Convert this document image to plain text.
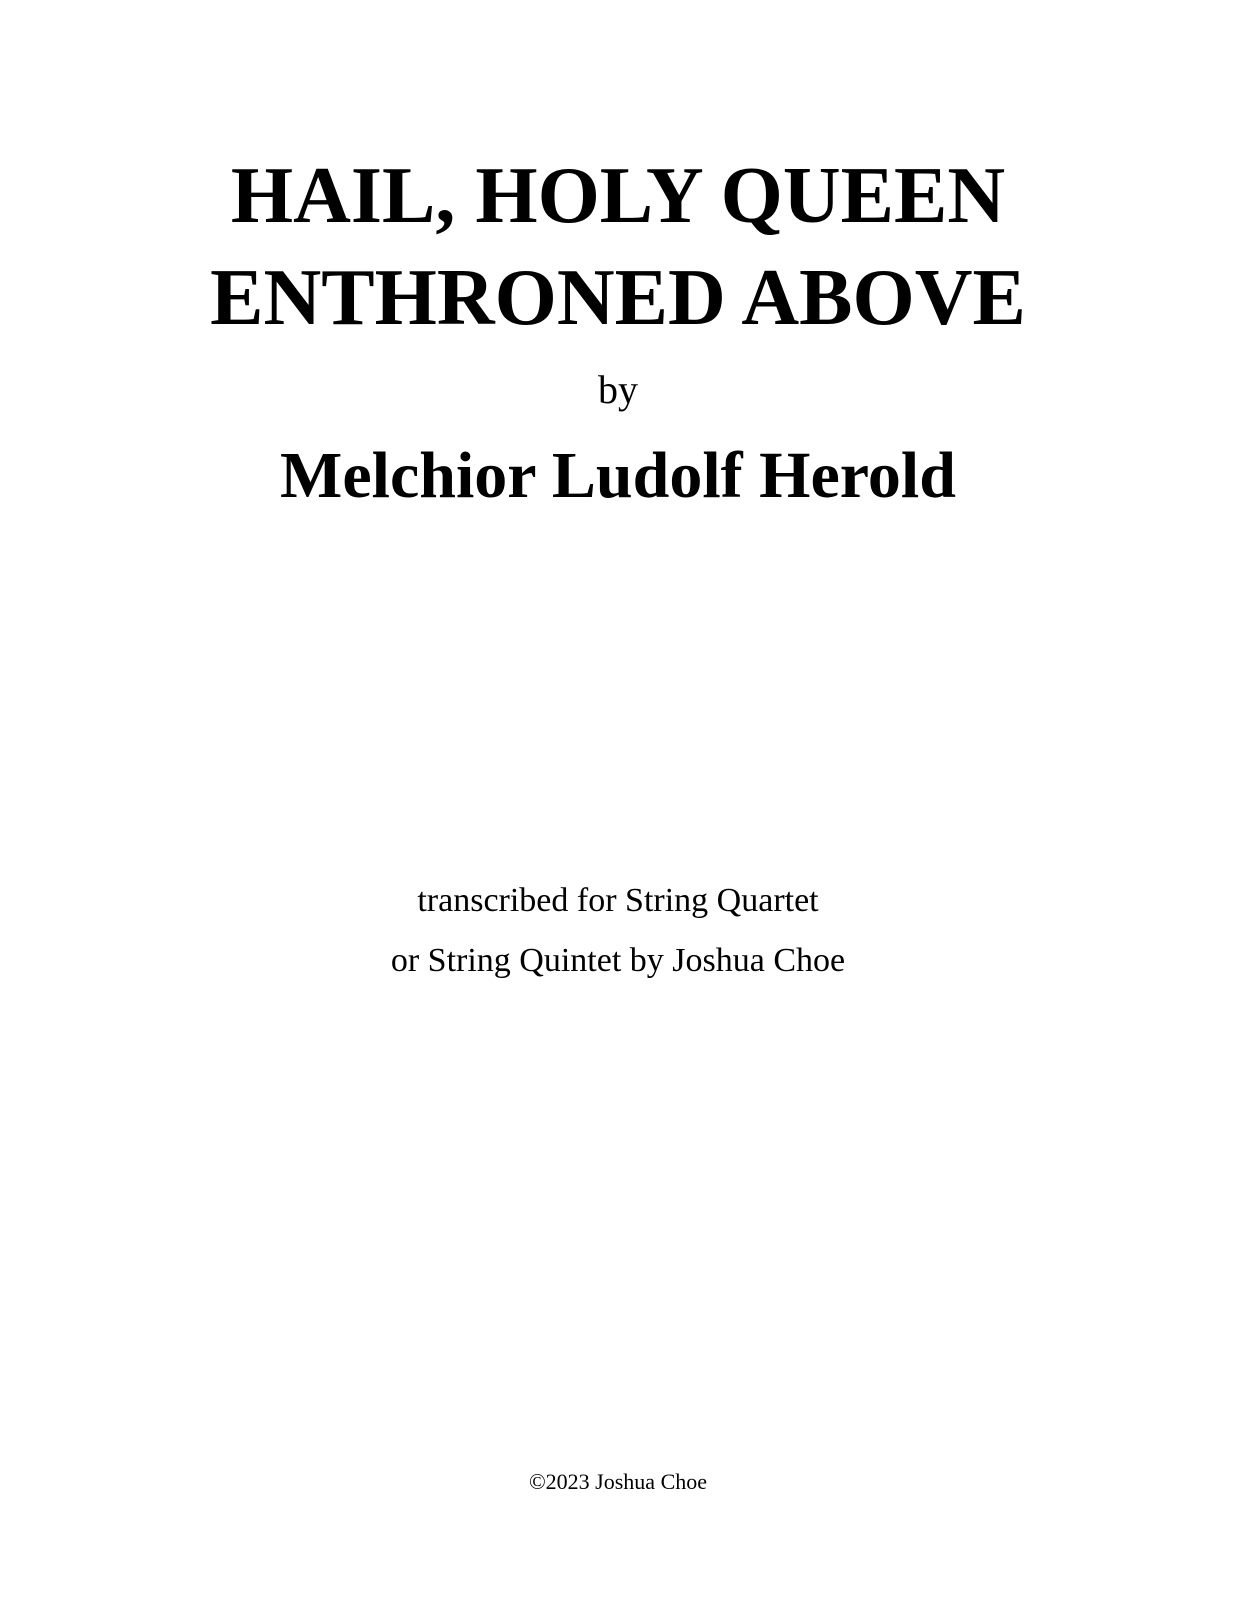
HAIL, HOLY QUEEN
ENTHRONED ABOVE
by
Melchior Ludolf Herold
transcribed for String Quartet
or String Quintet by Joshua Choe
©2023 Joshua Choe
